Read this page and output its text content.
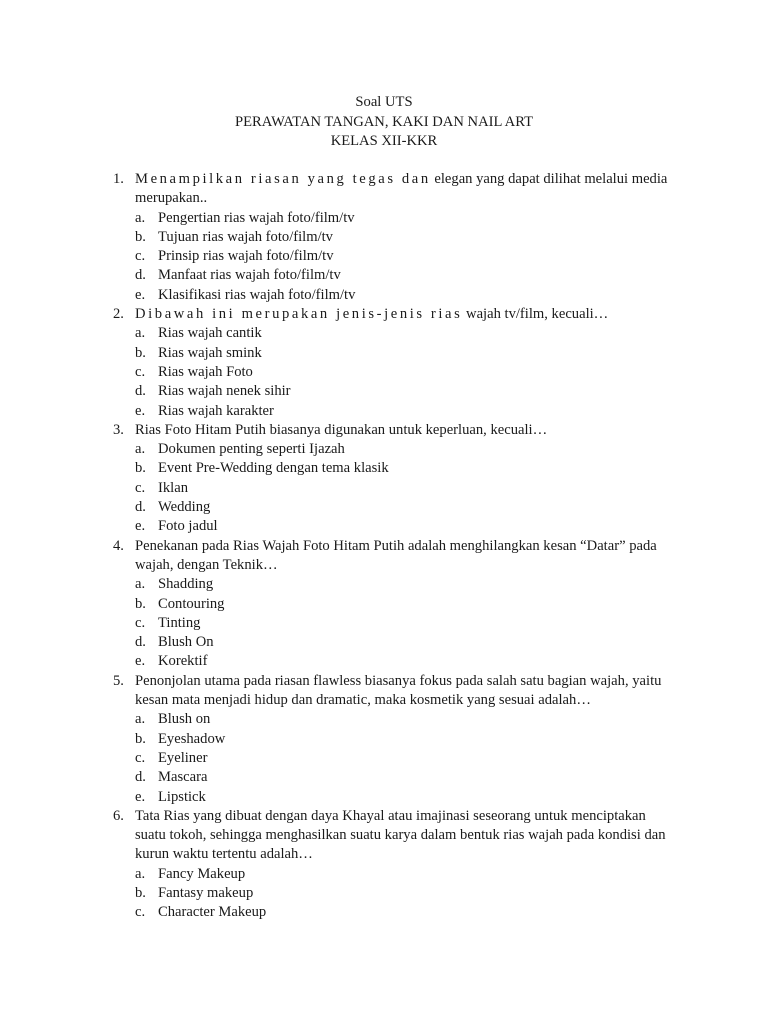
Soal UTS
PERAWATAN TANGAN, KAKI DAN NAIL ART
KELAS XII-KKR
1. Menampilkan riasan yang tegas dan elegan yang dapat dilihat melalui media merupakan..
a. Pengertian rias wajah foto/film/tv
b. Tujuan rias wajah foto/film/tv
c. Prinsip rias wajah foto/film/tv
d. Manfaat rias wajah foto/film/tv
e. Klasifikasi rias wajah foto/film/tv
2. Dibawah ini merupakan jenis-jenis rias wajah tv/film, kecuali…
a. Rias wajah cantik
b. Rias wajah smink
c. Rias wajah Foto
d. Rias wajah nenek sihir
e. Rias wajah karakter
3. Rias Foto Hitam Putih biasanya digunakan untuk keperluan, kecuali…
a. Dokumen penting seperti Ijazah
b. Event Pre-Wedding dengan tema klasik
c. Iklan
d. Wedding
e. Foto jadul
4. Penekanan pada Rias Wajah Foto Hitam Putih adalah menghilangkan kesan “Datar” pada wajah, dengan Teknik…
a. Shadding
b. Contouring
c. Tinting
d. Blush On
e. Korektif
5. Penonjolan utama pada riasan flawless biasanya fokus pada salah satu bagian wajah, yaitu kesan mata menjadi hidup dan dramatic, maka kosmetik yang sesuai adalah…
a. Blush on
b. Eyeshadow
c. Eyeliner
d. Mascara
e. Lipstick
6. Tata Rias yang dibuat dengan daya Khayal atau imajinasi seseorang untuk menciptakan suatu tokoh, sehingga menghasilkan suatu karya dalam bentuk rias wajah pada kondisi dan kurun waktu tertentu adalah…
a. Fancy Makeup
b. Fantasy makeup
c. Character Makeup
